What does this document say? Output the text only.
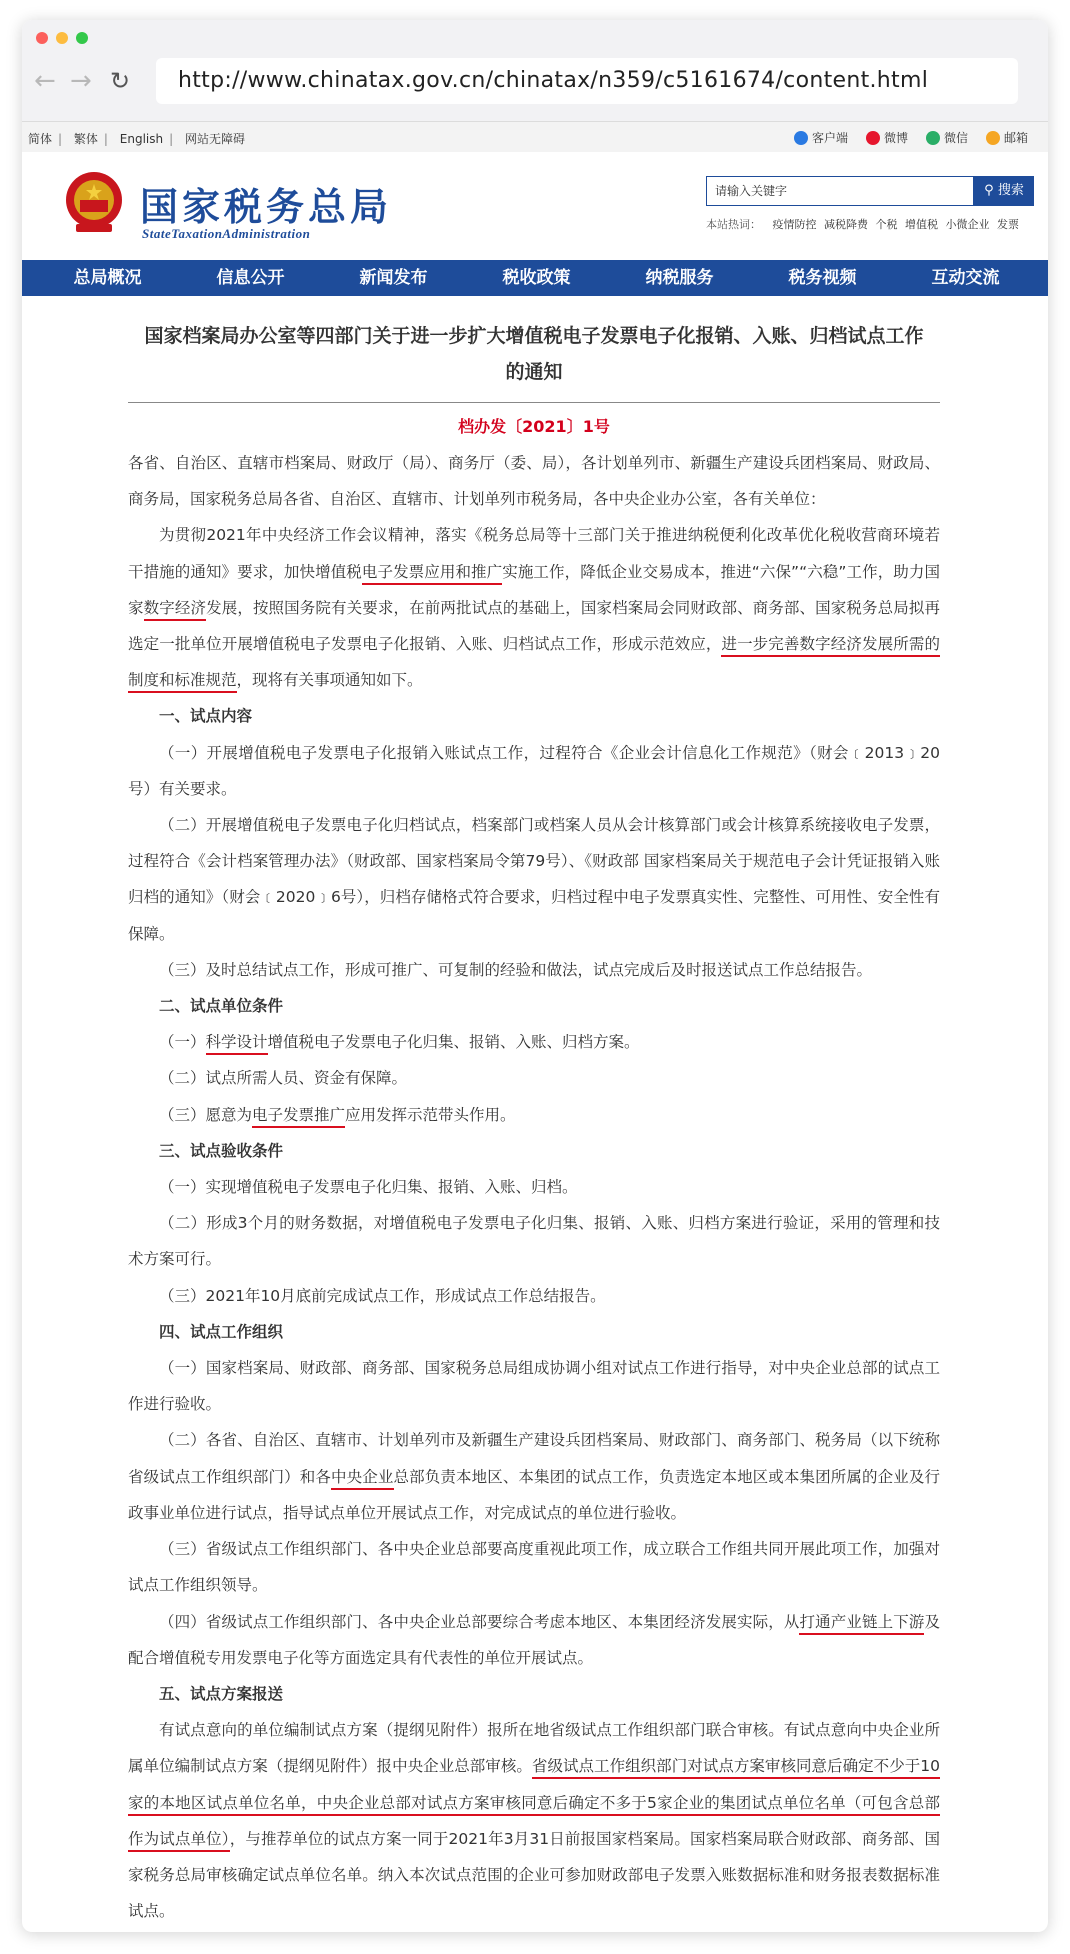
← → ↻	http://www.chinatax.gov.cn/chinatax/n359/c5161674/content.html
简体 | 繁体 | English | 网站无障碍	客户端	微博	微信	邮箱
国家税务总局
StateTaxationAdministration
请输入关键字	⚲ 搜索
本站热词： 疫情防控 减税降费 个税 增值税 小微企业 发票
总局概况	信息公开	新闻发布	税收政策	纳税服务	税务视频	互动交流
国家档案局办公室等四部门关于进一步扩大增值税电子发票电子化报销、入账、归档试点工作的通知
档办发〔2021〕1号

各省、自治区、直辖市档案局、财政厅（局）、商务厅（委、局），各计划单列市、新疆生产建设兵团档案局、财政局、商务局，国家税务总局各省、自治区、直辖市、计划单列市税务局，各中央企业办公室，各有关单位：

为贯彻2021年中央经济工作会议精神，落实《税务总局等十三部门关于推进纳税便利化改革优化税收营商环境若干措施的通知》要求，加快增值税电子发票应用和推广实施工作，降低企业交易成本，推进“六保”“六稳”工作，助力国家数字经济发展，按照国务院有关要求，在前两批试点的基础上，国家档案局会同财政部、商务部、国家税务总局拟再选定一批单位开展增值税电子发票电子化报销、入账、归档试点工作，形成示范效应，进一步完善数字经济发展所需的制度和标准规范，现将有关事项通知如下。

一、试点内容

（一）开展增值税电子发票电子化报销入账试点工作，过程符合《企业会计信息化工作规范》（财会﹝2013﹞20号）有关要求。

（二）开展增值税电子发票电子化归档试点，档案部门或档案人员从会计核算部门或会计核算系统接收电子发票，过程符合《会计档案管理办法》（财政部、国家档案局令第79号）、《财政部 国家档案局关于规范电子会计凭证报销入账归档的通知》（财会﹝2020﹞6号），归档存储格式符合要求，归档过程中电子发票真实性、完整性、可用性、安全性有保障。

（三）及时总结试点工作，形成可推广、可复制的经验和做法，试点完成后及时报送试点工作总结报告。

二、试点单位条件

（一）科学设计增值税电子发票电子化归集、报销、入账、归档方案。

（二）试点所需人员、资金有保障。

（三）愿意为电子发票推广应用发挥示范带头作用。

三、试点验收条件

（一）实现增值税电子发票电子化归集、报销、入账、归档。

（二）形成3个月的财务数据，对增值税电子发票电子化归集、报销、入账、归档方案进行验证，采用的管理和技术方案可行。

（三）2021年10月底前完成试点工作，形成试点工作总结报告。

四、试点工作组织

（一）国家档案局、财政部、商务部、国家税务总局组成协调小组对试点工作进行指导，对中央企业总部的试点工作进行验收。

（二）各省、自治区、直辖市、计划单列市及新疆生产建设兵团档案局、财政部门、商务部门、税务局（以下统称省级试点工作组织部门）和各中央企业总部负责本地区、本集团的试点工作，负责选定本地区或本集团所属的企业及行政事业单位进行试点，指导试点单位开展试点工作，对完成试点的单位进行验收。

（三）省级试点工作组织部门、各中央企业总部要高度重视此项工作，成立联合工作组共同开展此项工作，加强对试点工作组织领导。

（四）省级试点工作组织部门、各中央企业总部要综合考虑本地区、本集团经济发展实际，从打通产业链上下游及配合增值税专用发票电子化等方面选定具有代表性的单位开展试点。

五、试点方案报送

有试点意向的单位编制试点方案（提纲见附件）报所在地省级试点工作组织部门联合审核。有试点意向中央企业所属单位编制试点方案（提纲见附件）报中央企业总部审核。省级试点工作组织部门对试点方案审核同意后确定不少于10家的本地区试点单位名单，中央企业总部对试点方案审核同意后确定不多于5家企业的集团试点单位名单（可包含总部作为试点单位），与推荐单位的试点方案一同于2021年3月31日前报国家档案局。国家档案局联合财政部、商务部、国家税务总局审核确定试点单位名单。纳入本次试点范围的企业可参加财政部电子发票入账数据标准和财务报表数据标准试点。
